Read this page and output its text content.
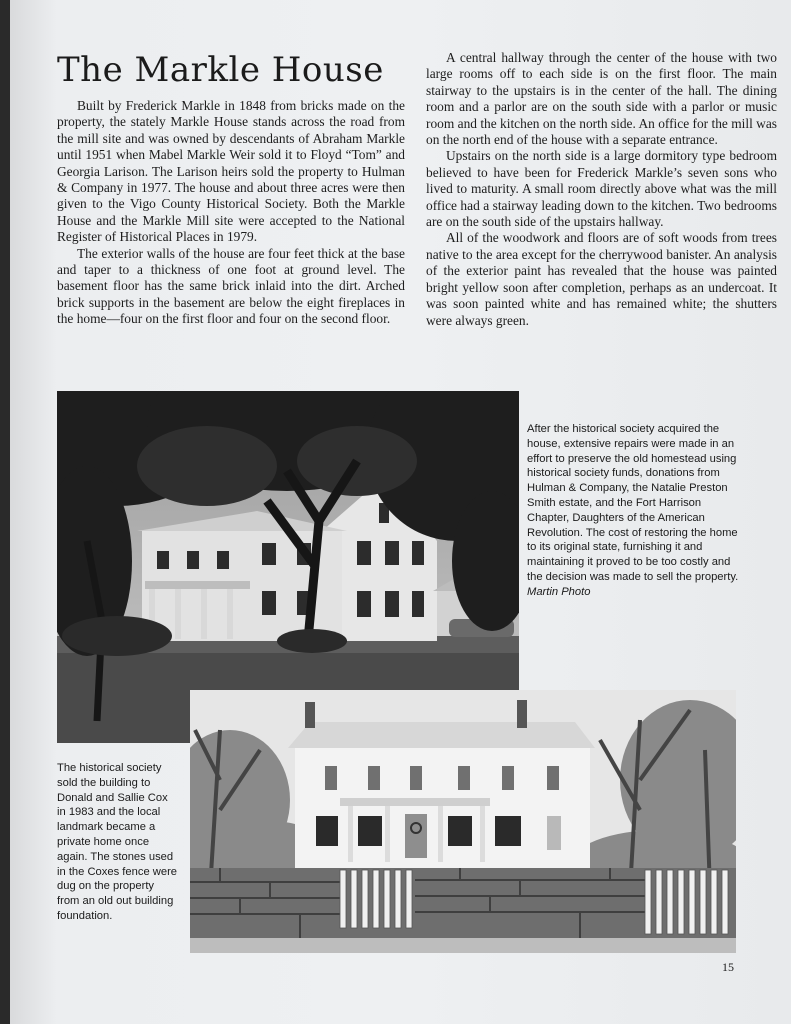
The Markle House

Built by Frederick Markle in 1848 from bricks made on the property, the stately Markle House stands across the road from the mill site and was owned by descendants of Abraham Markle until 1951 when Mabel Markle Weir sold it to Floyd “Tom” and Georgia Larison. The Larison heirs sold the property to Hulman & Company in 1977. The house and about three acres were then given to the Vigo County Historical Society. Both the Markle House and the Markle Mill site were accepted to the National Register of Historical Places in 1979.

The exterior walls of the house are four feet thick at the base and taper to a thickness of one foot at ground level. The basement floor has the same brick inlaid into the dirt. Arched brick supports in the basement are below the eight fireplaces in the home—four on the first floor and four on the second floor.

A central hallway through the center of the house with two large rooms off to each side is on the first floor. The main stairway to the upstairs is in the center of the hall. The dining room and a parlor are on the south side with a parlor or music room and the kitchen on the north side. An office for the mill was on the north end of the house with a separate entrance.

Upstairs on the north side is a large dormitory type bedroom believed to have been for Frederick Markle’s seven sons who lived to maturity. A small room directly above what was the mill office had a stairway leading down to the kitchen. Two bedrooms are on the south side of the upstairs hallway.

All of the woodwork and floors are of soft woods from trees native to the area except for the cherrywood banister. An analysis of the exterior paint has revealed that the house was painted bright yellow soon after completion, perhaps as an undercoat. It was soon painted white and has remained white; the shutters were always green.

After the historical society acquired the house, extensive repairs were made in an effort to preserve the old homestead using historical society funds, donations from Hulman & Company, the Natalie Preston Smith estate, and the Fort Harrison Chapter, Daughters of the American Revolution. The cost of restoring the home to its original state, furnishing it and maintaining it proved to be too costly and the decision was made to sell the property. Martin Photo
The historical society sold the building to Donald and Sallie Cox in 1983 and the local landmark became a private home once again. The stones used in the Coxes fence were dug on the property from an old out building foundation.
15
